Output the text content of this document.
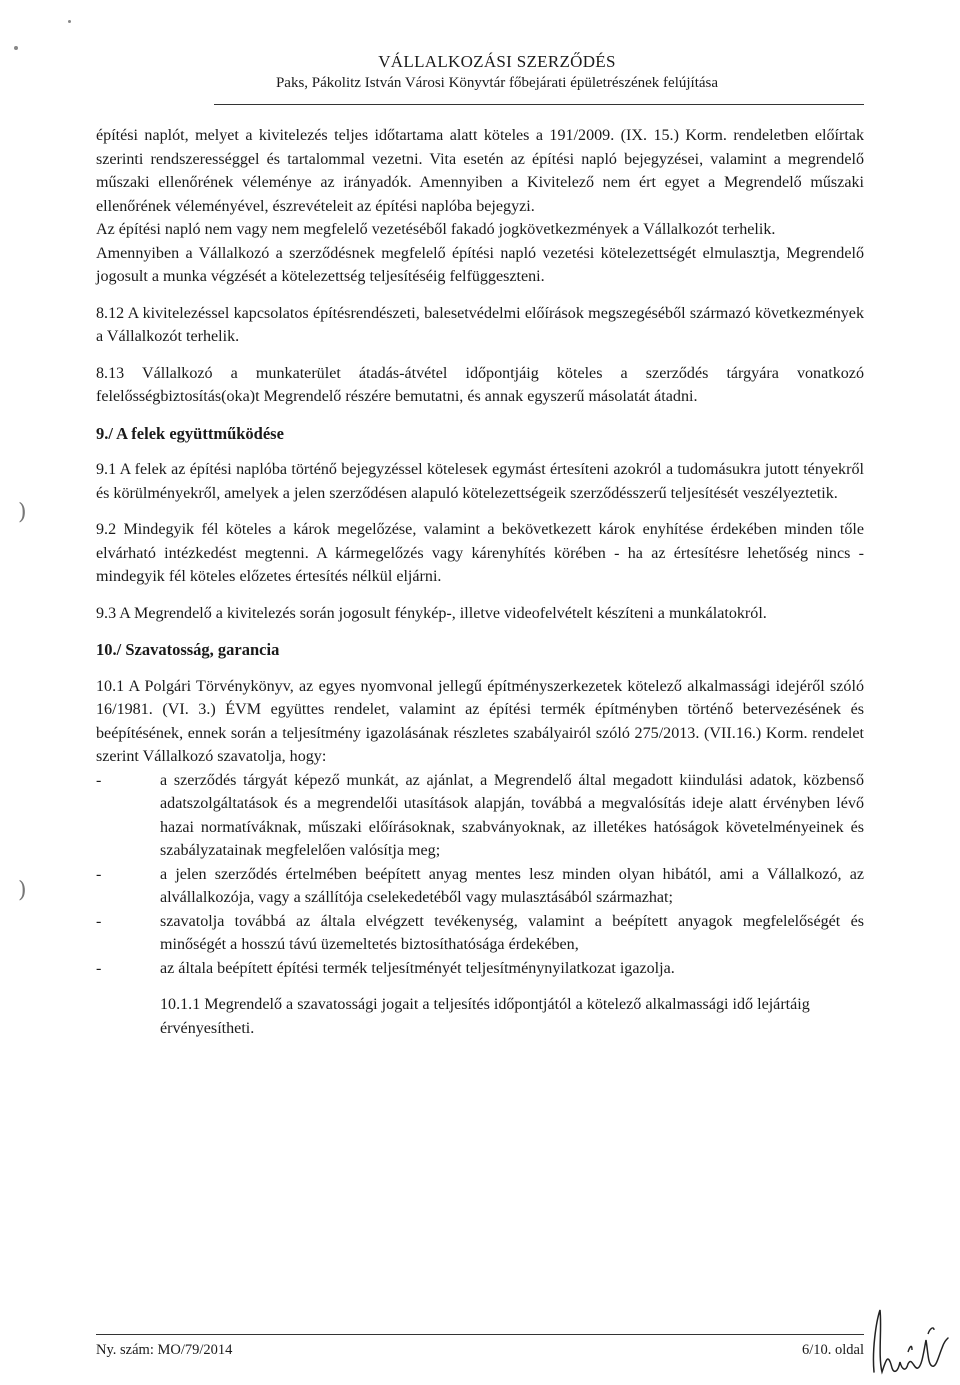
)
)
VÁLLALKOZÁSI SZERZŐDÉS
Paks, Pákolitz István Városi Könyvtár főbejárati épületrészének felújítása

építési naplót, melyet a kivitelezés teljes időtartama alatt köteles a 191/2009. (IX. 15.) Korm. rendeletben előírtak szerinti rendszerességgel és tartalommal vezetni. Vita esetén az építési napló bejegyzései, valamint a megrendelő műszaki ellenőrének véleménye az irányadók. Amennyiben a Kivitelező nem ért egyet a Megrendelő műszaki ellenőrének véleményével, észrevételeit az építési naplóba bejegyzi.

Az építési napló nem vagy nem megfelelő vezetéséből fakadó jogkövetkezmények a Vállalkozót terhelik.

Amennyiben a Vállalkozó a szerződésnek megfelelő építési napló vezetési kötelezettségét elmulasztja, Megrendelő jogosult a munka végzését a kötelezettség teljesítéséig felfüggeszteni.

8.12 A kivitelezéssel kapcsolatos építésrendészeti, balesetvédelmi előírások megszegéséből származó következmények a Vállalkozót terhelik.

8.13 Vállalkozó a munkaterület átadás-átvétel időpontjáig köteles a szerződés tárgyára vonatkozó felelősségbiztosítás(oka)t Megrendelő részére bemutatni, és annak egyszerű másolatát átadni.

9./ A felek együttműködése

9.1 A felek az építési naplóba történő bejegyzéssel kötelesek egymást értesíteni azokról a tudomásukra jutott tényekről és körülményekről, amelyek a jelen szerződésen alapuló kötelezettségeik szerződésszerű teljesítését veszélyeztetik.

9.2 Mindegyik fél köteles a károk megelőzése, valamint a bekövetkezett károk enyhítése érdekében minden tőle elvárható intézkedést megtenni. A kármegelőzés vagy kárenyhítés körében - ha az értesítésre lehetőség nincs - mindegyik fél köteles előzetes értesítés nélkül eljárni.

9.3 A Megrendelő a kivitelezés során jogosult fénykép-, illetve videofelvételt készíteni a munkálatokról.

10./ Szavatosság, garancia

10.1 A Polgári Törvénykönyv, az egyes nyomvonal jellegű építményszerkezetek kötelező alkalmassági idejéről szóló 16/1981. (VI. 3.) ÉVM együttes rendelet, valamint az építési termék építményben történő betervezésének és beépítésének, ennek során a teljesítmény igazolásának részletes szabályairól szóló 275/2013. (VII.16.) Korm. rendelet szerint Vállalkozó szavatolja, hogy:

-	a szerződés tárgyát képező munkát, az ajánlat, a Megrendelő által megadott kiindulási adatok, közbenső adatszolgáltatások és a megrendelői utasítások alapján, továbbá a megvalósítás ideje alatt érvényben lévő hazai normatíváknak, műszaki előírásoknak, szabványoknak, az illetékes hatóságok követelményeinek és szabályzatainak megfelelően valósítja meg;
-	a jelen szerződés értelmében beépített anyag mentes lesz minden olyan hibától, ami a Vállalkozó, az alvállalkozója, vagy a szállítója cselekedetéből vagy mulasztásából származhat;
-	szavatolja továbbá az általa elvégzett tevékenység, valamint a beépített anyagok megfelelőségét és minőségét a hosszú távú üzemeltetés biztosíthatósága érdekében,
-	az általa beépített építési termék teljesítményét teljesítménynyilatkozat igazolja.

10.1.1 Megrendelő a szavatossági jogait a teljesítés időpontjától a kötelező alkalmassági idő lejártáig érvényesítheti.

Ny. szám: MO/79/2014	6/10. oldal
